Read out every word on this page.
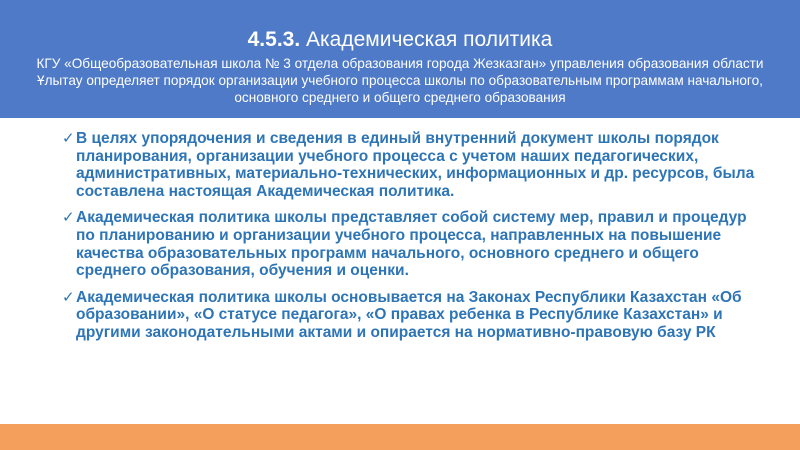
4.5.3. Академическая политика

КГУ «Общеобразовательная школа № 3 отдела образования города Жезказган» управления образования области Ұлытау определяет порядок организации учебного процесса школы по образовательным программам начального, основного среднего и общего среднего образования

✓ В целях упорядочения и сведения в единый внутренний документ школы порядок планирования, организации учебного процесса с учетом наших педагогических, административных, материально-технических, информационных и др. ресурсов, была составлена настоящая Академическая политика.
✓ Академическая политика школы представляет собой систему мер, правил и процедур по планированию и организации учебного процесса, направленных на повышение качества образовательных программ начального, основного среднего и общего среднего образования, обучения и оценки.
✓ Академическая политика школы основывается на Законах Республики Казахстан «Об образовании», «О статусе педагога», «О правах ребенка в Республике Казахстан» и другими законодательными актами и опирается на нормативно-правовую базу РК
